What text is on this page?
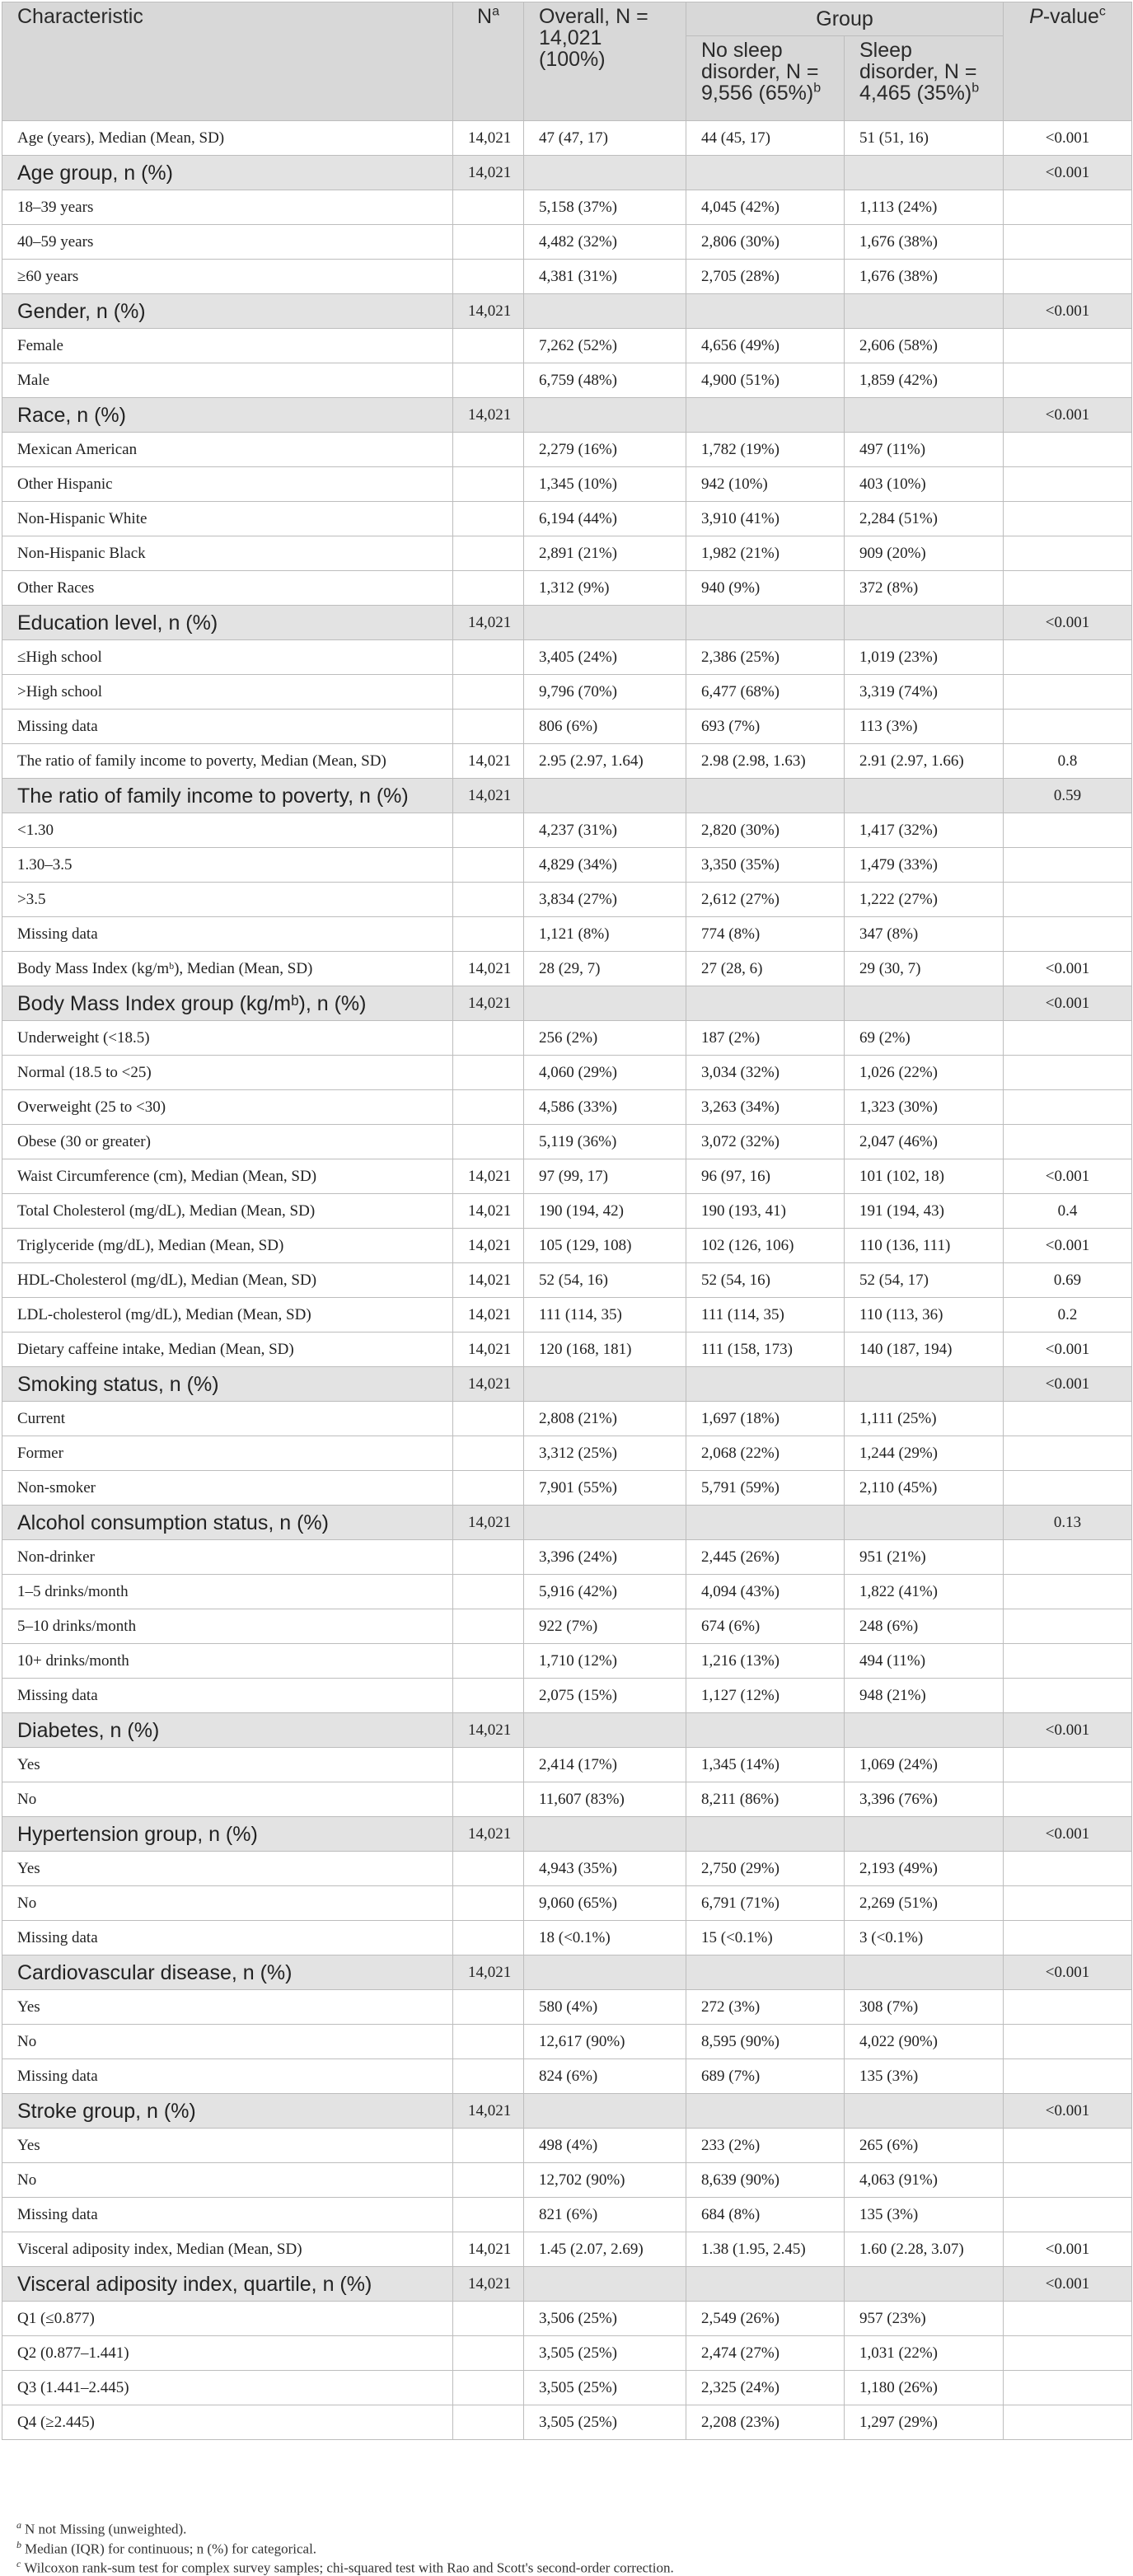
Characteristic	$N^a$	Overall, N = 14,021 (100%)	Group		P-value$^c$
			No sleep disorder, N = 9,556 $(65\%)^b$	Sleep disorder, N = 4,465 $(35\%)^b$
Age (years), Median (Mean, SD)	14,021	47 (47, 17)	44 (45, 17)	51 (51, 16)	<0.001
Age group, n (%)	14,021				<0.001
18–39 years		5,158 (37%)	4,045 (42%)	1,113 (24%)	
40–59 years		4,482 (32%)	2,806 (30%)	1,676 (38%)	
≥60 years		4,381 (31%)	2,705 (28%)	1,676 (38%)	
Gender, n (%)	14,021				<0.001
Female		7,262 (52%)	4,656 (49%)	2,606 (58%)	
Male		6,759 (48%)	4,900 (51%)	1,859 (42%)	
Race, n (%)	14,021				<0.001
Mexican American		2,279 (16%)	1,782 (19%)	497 (11%)	
Other Hispanic		1,345 (10%)	942 (10%)	403 (10%)	
Non-Hispanic White		6,194 (44%)	3,910 (41%)	2,284 (51%)	
Non-Hispanic Black		2,891 (21%)	1,982 (21%)	909 (20%)	
Other Races		1,312 (9%)	940 (9%)	372 (8%)	
Education level, n (%)	14,021				<0.001
≤High school		3,405 (24%)	2,386 (25%)	1,019 (23%)	
>High school		9,796 (70%)	6,477 (68%)	3,319 (74%)	
Missing data		806 (6%)	693 (7%)	113 (3%)	
The ratio of family income to poverty, Median (Mean, SD)	14,021	2.95 (2.97, 1.64)	2.98 (2.98, 1.63)	2.91 (2.97, 1.66)	0.8
The ratio of family income to poverty, n (%)	14,021				0.59
<1.30		4,237 (31%)	2,820 (30%)	1,417 (32%)	
1.30–3.5		4,829 (34%)	3,350 (35%)	1,479 (33%)	
>3.5		3,834 (27%)	2,612 (27%)	1,222 (27%)	
Missing data		1,121 (8%)	774 (8%)	347 (8%)	
Body Mass Index (kg/mᵇ), Median (Mean, SD)	14,021	28 (29, 7)	27 (28, 6)	29 (30, 7)	<0.001
Body Mass Index group (kg/mᵇ), n (%)	14,021				<0.001
Underweight (<18.5)		256 (2%)	187 (2%)	69 (2%)	
Normal (18.5 to <25)		4,060 (29%)	3,034 (32%)	1,026 (22%)	
Overweight (25 to <30)		4,586 (33%)	3,263 (34%)	1,323 (30%)	
Obese (30 or greater)		5,119 (36%)	3,072 (32%)	2,047 (46%)	
Waist Circumference (cm), Median (Mean, SD)	14,021	97 (99, 17)	96 (97, 16)	101 (102, 18)	<0.001
Total Cholesterol (mg/dL), Median (Mean, SD)	14,021	190 (194, 42)	190 (193, 41)	191 (194, 43)	0.4
Triglyceride (mg/dL), Median (Mean, SD)	14,021	105 (129, 108)	102 (126, 106)	110 (136, 111)	<0.001
HDL-Cholesterol (mg/dL), Median (Mean, SD)	14,021	52 (54, 16)	52 (54, 16)	52 (54, 17)	0.69
LDL-cholesterol (mg/dL), Median (Mean, SD)	14,021	111 (114, 35)	111 (114, 35)	110 (113, 36)	0.2
Dietary caffeine intake, Median (Mean, SD)	14,021	120 (168, 181)	111 (158, 173)	140 (187, 194)	<0.001
Smoking status, n (%)	14,021				<0.001
Current		2,808 (21%)	1,697 (18%)	1,111 (25%)	
Former		3,312 (25%)	2,068 (22%)	1,244 (29%)	
Non-smoker		7,901 (55%)	5,791 (59%)	2,110 (45%)	
Alcohol consumption status, n (%)	14,021				0.13
Non-drinker		3,396 (24%)	2,445 (26%)	951 (21%)	
1–5 drinks/month		5,916 (42%)	4,094 (43%)	1,822 (41%)	
5–10 drinks/month		922 (7%)	674 (6%)	248 (6%)	
10+ drinks/month		1,710 (12%)	1,216 (13%)	494 (11%)	
Missing data		2,075 (15%)	1,127 (12%)	948 (21%)	
Diabetes, n (%)	14,021				<0.001
Yes		2,414 (17%)	1,345 (14%)	1,069 (24%)	
No		11,607 (83%)	8,211 (86%)	3,396 (76%)	
Hypertension group, n (%)	14,021				<0.001
Yes		4,943 (35%)	2,750 (29%)	2,193 (49%)	
No		9,060 (65%)	6,791 (71%)	2,269 (51%)	
Missing data		18 (<0.1%)	15 (<0.1%)	3 (<0.1%)	
Cardiovascular disease, n (%)	14,021				<0.001
Yes		580 (4%)	272 (3%)	308 (7%)	
No		12,617 (90%)	8,595 (90%)	4,022 (90%)	
Missing data		824 (6%)	689 (7%)	135 (3%)	
Stroke group, n (%)	14,021				<0.001
Yes		498 (4%)	233 (2%)	265 (6%)	
No		12,702 (90%)	8,639 (90%)	4,063 (91%)	
Missing data		821 (6%)	684 (8%)	135 (3%)	
Visceral adiposity index, Median (Mean, SD)	14,021	1.45 (2.07, 2.69)	1.38 (1.95, 2.45)	1.60 (2.28, 3.07)	<0.001
Visceral adiposity index, quartile, n (%)	14,021				<0.001
Q1 (≤0.877)		3,506 (25%)	2,549 (26%)	957 (23%)	
Q2 (0.877–1.441)		3,505 (25%)	2,474 (27%)	1,031 (22%)	
Q3 (1.441–2.445)		3,505 (25%)	2,325 (24%)	1,180 (26%)	
Q4 (≥2.445)		3,505 (25%)	2,208 (23%)	1,297 (29%)	
$^a$ N not Missing (unweighted).
$^b$ Median (IQR) for continuous; n (%) for categorical.
$^c$ Wilcoxon rank-sum test for complex survey samples; chi-squared test with Rao and Scott's second-order correction.
